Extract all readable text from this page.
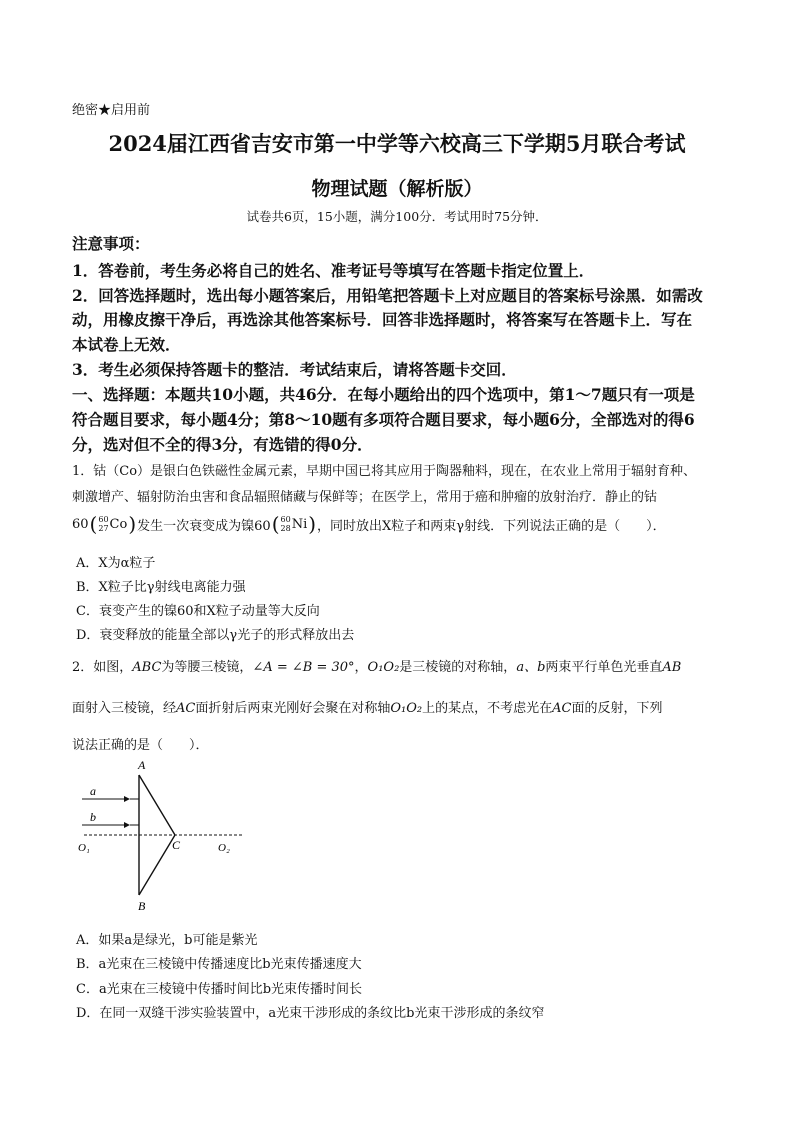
绝密★启用前
2024届江西省吉安市第一中学等六校高三下学期5月联合考试
物理试题（解析版）
试卷共6页，15小题，满分100分．考试用时75分钟．
注意事项：
1．答卷前，考生务必将自己的姓名、准考证号等填写在答题卡指定位置上．
2．回答选择题时，选出每小题答案后，用铅笔把答题卡上对应题目的答案标号涂黑．如需改
动，用橡皮擦干净后，再选涂其他答案标号．回答非选择题时，将答案写在答题卡上．写在
本试卷上无效．
3．考生必须保持答题卡的整洁．考试结束后，请将答题卡交回．
一、选择题：本题共10小题，共46分．在每小题给出的四个选项中，第1～7题只有一项是
符合题目要求，每小题4分；第8～10题有多项符合题目要求，每小题6分，全部选对的得6
分，选对但不全的得3分，有选错的得0分．
1．钴（Co）是银白色铁磁性金属元素，早期中国已将其应用于陶器釉料，现在，在农业上常用于辐射育种、
刺激增产、辐射防治虫害和食品辐照储藏与保鲜等；在医学上，常用于癌和肿瘤的放射治疗．静止的钴
60 ( 60
27 Co ) 发生一次衰变成为镍60 ( 60
28 Ni ) ，同时放出X粒子和两束γ射线．下列说法正确的是（　　）．
A．X为α粒子
B．X粒子比γ射线电离能力强
C．衰变产生的镍60和X粒子动量等大反向
D．衰变释放的能量全部以γ光子的形式释放出去
2．如图，ABC为等腰三棱镜，∠A = ∠B = 30°，O₁O₂是三棱镜的对称轴，a、b两束平行单色光垂直AB
面射入三棱镜，经AC面折射后两束光刚好会聚在对称轴O₁O₂上的某点，不考虑光在AC面的反射，下列
说法正确的是（　　）．
A
B
C
a
b
O₁	O₂
A．如果a是绿光，b可能是紫光
B．a光束在三棱镜中传播速度比b光束传播速度大
C．a光束在三棱镜中传播时间比b光束传播时间长
D．在同一双缝干涉实验装置中，a光束干涉形成的条纹比b光束干涉形成的条纹窄
